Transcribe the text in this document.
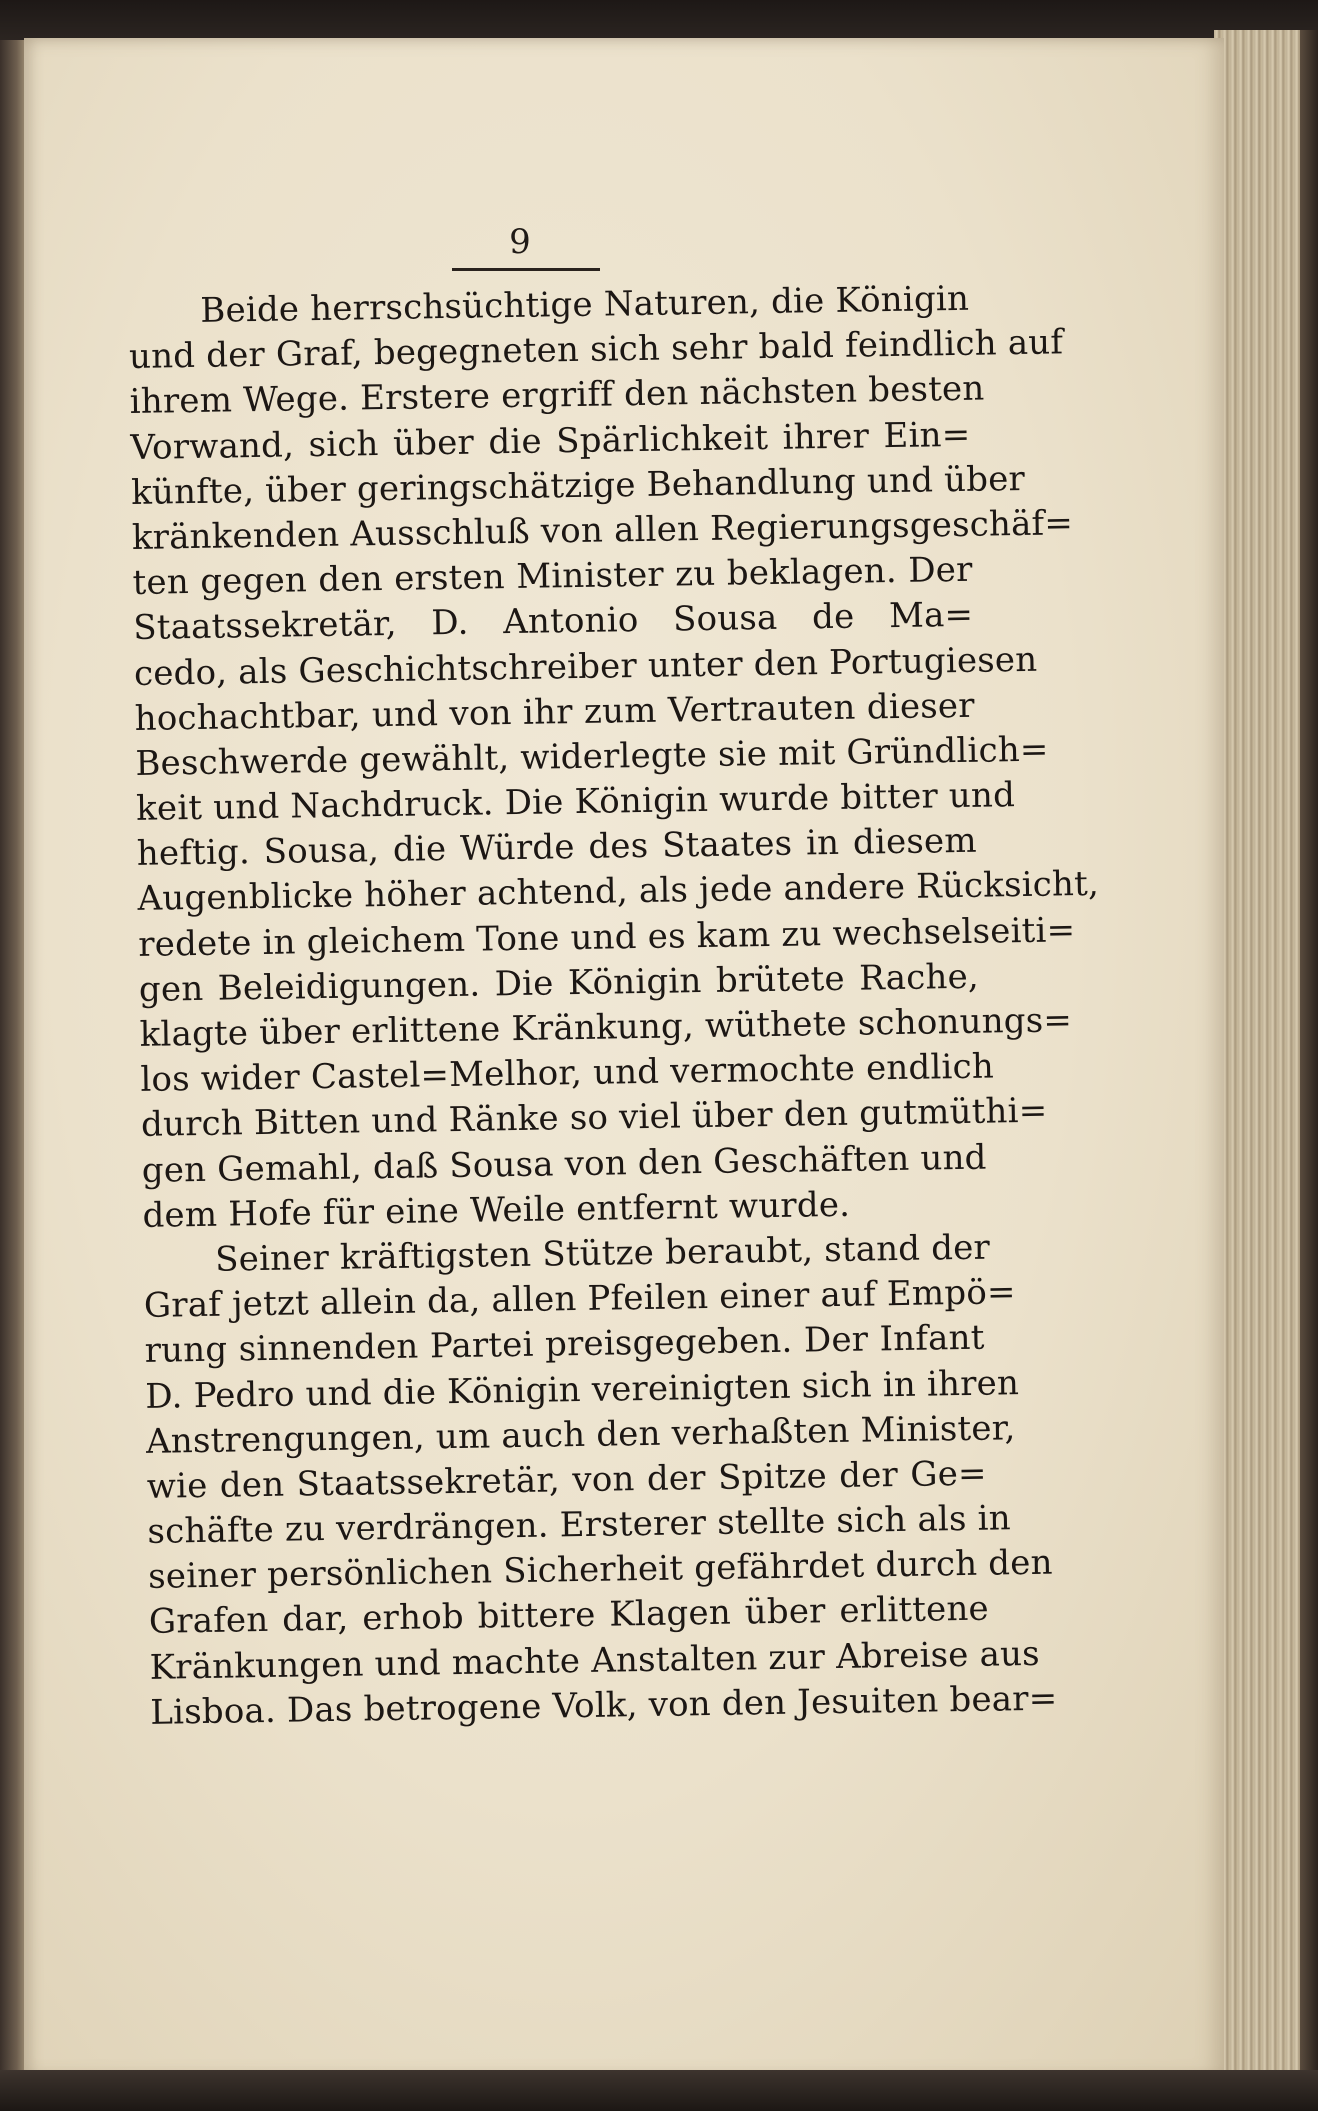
9
Beide herrschsüchtige Naturen, die Königin
und der Graf, begegneten sich sehr bald feindlich auf
ihrem Wege. Erstere ergriff den nächsten besten
Vorwand, sich über die Spärlichkeit ihrer Ein=
künfte, über geringschätzige Behandlung und über
kränkenden Ausschluß von allen Regierungsgeschäf=
ten gegen den ersten Minister zu beklagen. Der
Staatssekretär, D. Antonio Sousa de Ma=
cedo, als Geschichtschreiber unter den Portugiesen
hochachtbar, und von ihr zum Vertrauten dieser
Beschwerde gewählt, widerlegte sie mit Gründlich=
keit und Nachdruck. Die Königin wurde bitter und
heftig. Sousa, die Würde des Staates in diesem
Augenblicke höher achtend, als jede andere Rücksicht,
redete in gleichem Tone und es kam zu wechselseiti=
gen Beleidigungen. Die Königin brütete Rache,
klagte über erlittene Kränkung, wüthete schonungs=
los wider Castel=Melhor, und vermochte endlich
durch Bitten und Ränke so viel über den gutmüthi=
gen Gemahl, daß Sousa von den Geschäften und
dem Hofe für eine Weile entfernt wurde.
Seiner kräftigsten Stütze beraubt, stand der
Graf jetzt allein da, allen Pfeilen einer auf Empö=
rung sinnenden Partei preisgegeben. Der Infant
D. Pedro und die Königin vereinigten sich in ihren
Anstrengungen, um auch den verhaßten Minister,
wie den Staatssekretär, von der Spitze der Ge=
schäfte zu verdrängen. Ersterer stellte sich als in
seiner persönlichen Sicherheit gefährdet durch den
Grafen dar, erhob bittere Klagen über erlittene
Kränkungen und machte Anstalten zur Abreise aus
Lisboa. Das betrogene Volk, von den Jesuiten bear=
